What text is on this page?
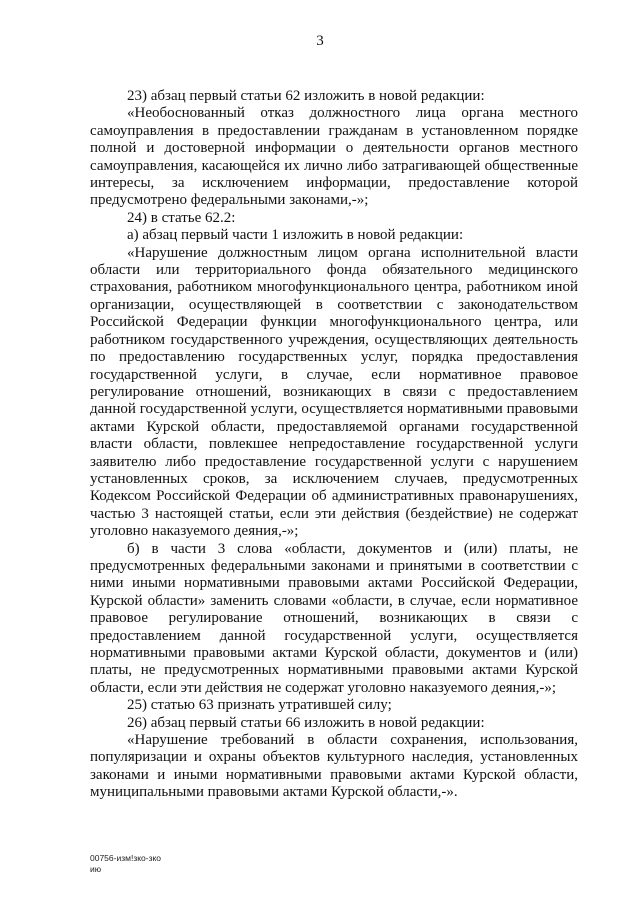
3

23) абзац первый статьи 62 изложить в новой редакции:

«Необоснованный отказ должностного лица органа местного самоуправления в предоставлении гражданам в установленном порядке полной и достоверной информации о деятельности органов местного самоуправления, касающейся их лично либо затрагивающей общественные интересы, за исключением информации, предоставление которой предусмотрено федеральными законами,-»;

24) в статье 62.2:

а) абзац первый части 1 изложить в новой редакции:

«Нарушение должностным лицом органа исполнительной власти области или территориального фонда обязательного медицинского страхования, работником многофункционального центра, работником иной организации, осуществляющей в соответствии с законодательством Российской Федерации функции многофункционального центра, или работником государственного учреждения, осуществляющих деятельность по предоставлению государственных услуг, порядка предоставления государственной услуги, в случае, если нормативное правовое регулирование отношений, возникающих в связи с предоставлением данной государственной услуги, осуществляется нормативными правовыми актами Курской области, предоставляемой органами государственной власти области, повлекшее непредоставление государственной услуги заявителю либо предоставление государственной услуги с нарушением установленных сроков, за исключением случаев, предусмотренных Кодексом Российской Федерации об административных правонарушениях, частью 3 настоящей статьи, если эти действия (бездействие) не содержат уголовно наказуемого деяния,-»;

б) в части 3 слова «области, документов и (или) платы, не предусмотренных федеральными законами и принятыми в соответствии с ними иными нормативными правовыми актами Российской Федерации, Курской области» заменить словами «области, в случае, если нормативное правовое регулирование отношений, возникающих в связи с предоставлением данной государственной услуги, осуществляется нормативными правовыми актами Курской области, документов и (или) платы, не предусмотренных нормативными правовыми актами Курской области, если эти действия не содержат уголовно наказуемого деяния,-»;

25) статью 63 признать утратившей силу;

26) абзац первый статьи 66 изложить в новой редакции:

«Нарушение требований в области сохранения, использования, популяризации и охраны объектов культурного наследия, установленных законами и иными нормативными правовыми актами Курской области, муниципальными правовыми актами Курской области,-».

00756-изм!зко-зко
ию
